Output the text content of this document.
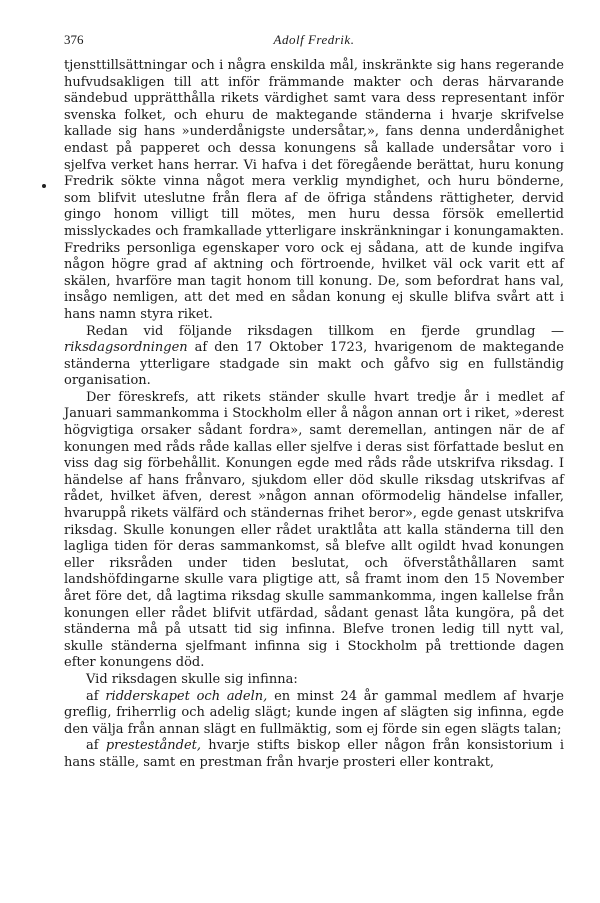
376	Adolf Fredrik.

tjensttillsättningar och i några enskilda mål, inskränkte sig hans regerande hufvudsakligen till att inför främmande makter och deras härvarande sändebud upprätthålla rikets värdighet samt vara dess representant inför svenska folket, och ehuru de maktegande ständerna i hvarje skrifvelse kallade sig hans »underdånigste undersåtar,», fans denna underdånighet endast på papperet och dessa konungens så kallade undersåtar voro i sjelfva verket hans herrar. Vi hafva i det föregående berättat, huru konung Fredrik sökte vinna något mera verklig myndighet, och huru bönderne, som blifvit uteslutne från flera af de öfriga ståndens rättigheter, dervid gingo honom villigt till mötes, men huru dessa försök emellertid misslyckades och framkallade ytterligare inskränkningar i konungamakten. Fredriks personliga egenskaper voro ock ej sådana, att de kunde ingifva någon högre grad af aktning och förtroende, hvilket väl ock varit ett af skälen, hvarföre man tagit honom till konung. De, som befordrat hans val, insågo nemligen, att det med en sådan konung ej skulle blifva svårt att i hans namn styra riket.

Redan vid följande riksdagen tillkom en fjerde grundlag — riksdagsordningen af den 17 Oktober 1723, hvarigenom de maktegande ständerna ytterligare stadgade sin makt och gåfvo sig en fullständig organisation.

Der föreskrefs, att rikets ständer skulle hvart tredje år i medlet af Januari sammankomma i Stockholm eller å någon annan ort i riket, »derest högvigtiga orsaker sådant fordra», samt deremellan, antingen när de af konungen med råds råde kallas eller sjelfve i deras sist författade beslut en viss dag sig förbehållit. Konungen egde med råds råde utskrifva riksdag. I händelse af hans frånvaro, sjukdom eller död skulle riksdag utskrifvas af rådet, hvilket äfven, derest »någon annan oförmodelig händelse infaller, hvaruppå rikets välfärd och ständernas frihet beror», egde genast utskrifva riksdag. Skulle konungen eller rådet uraktlåta att kalla ständerna till den lagliga tiden för deras sammankomst, så blefve allt ogildt hvad konungen eller riksråden under tiden beslutat, och öfverståthållaren samt landshöfdingarne skulle vara pligtige att, så framt inom den 15 November året före det, då lagtima riksdag skulle sammankomma, ingen kallelse från konungen eller rådet blifvit utfärdad, sådant genast låta kungöra, på det ständerna må på utsatt tid sig infinna. Blefve tronen ledig till nytt val, skulle ständerna sjelfmant infinna sig i Stockholm på trettionde dagen efter konungens död.

Vid riksdagen skulle sig infinna:

af ridderskapet och adeln, en minst 24 år gammal medlem af hvarje greflig, friherrlig och adelig slägt; kunde ingen af slägten sig infinna, egde den välja från annan slägt en fullmäktig, som ej förde sin egen slägts talan;

af presteståndet, hvarje stifts biskop eller någon från konsistorium i hans ställe, samt en prestman från hvarje prosteri eller kontrakt,
